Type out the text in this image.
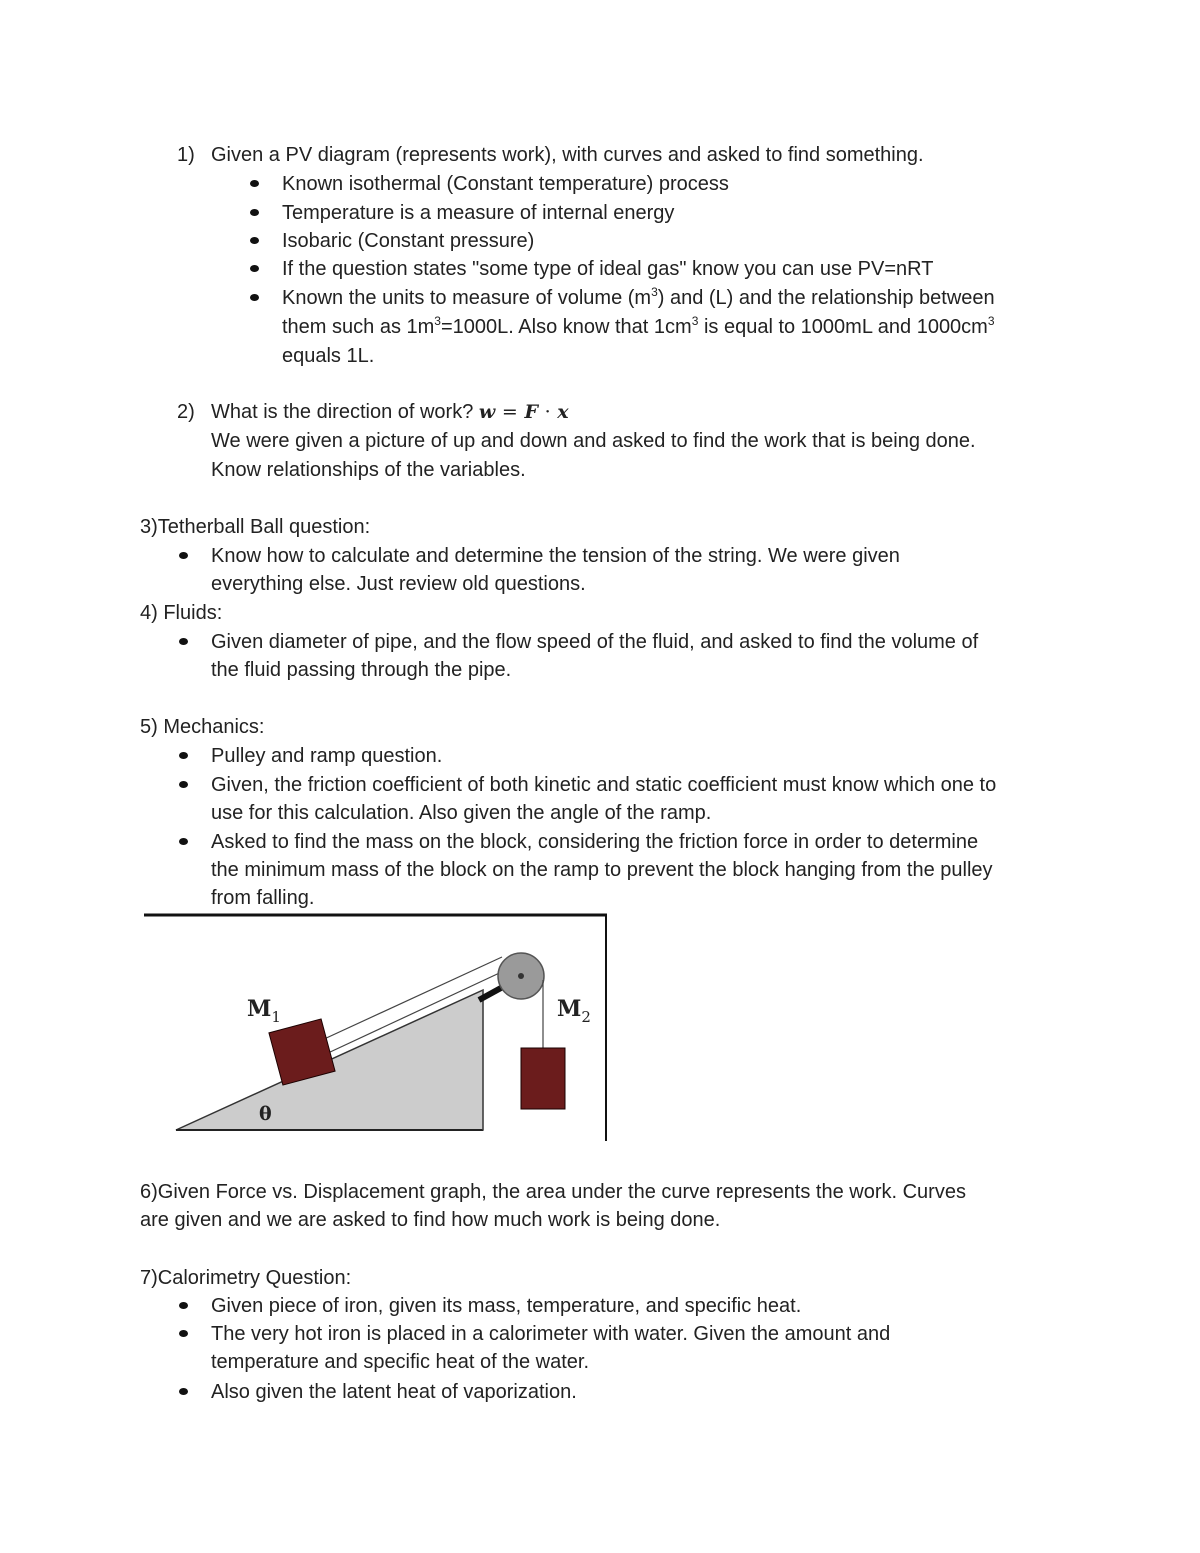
1) Given a PV diagram (represents work), with curves and asked to find something.
Known isothermal (Constant temperature) process
Temperature is a measure of internal energy
Isobaric (Constant pressure)
If the question states "some type of ideal gas" know you can use PV=nRT
Known the units to measure of volume $(m^3)$ and (L) and the relationship between
them such as $1m^3=1000L$. Also know that $1cm^3$ is equal to 1000mL and $1000cm^3$
equals 1L.
2) What is the direction of work? w = F · x
We were given a picture of up and down and asked to find the work that is being done.
Know relationships of the variables.
3)Tetherball Ball question:
Know how to calculate and determine the tension of the string. We were given
everything else. Just review old questions.
4) Fluids:
Given diameter of pipe, and the flow speed of the fluid, and asked to find the volume of
the fluid passing through the pipe.
5) Mechanics:
Pulley and ramp question.
Given, the friction coefficient of both kinetic and static coefficient must know which one to
use for this calculation. Also given the angle of the ramp.
Asked to find the mass on the block, considering the friction force in order to determine
the minimum mass of the block on the ramp to prevent the block hanging from the pulley
from falling.
$M_1$	$M_2$
θ
6)Given Force vs. Displacement graph, the area under the curve represents the work. Curves
are given and we are asked to find how much work is being done.
7)Calorimetry Question:
Given piece of iron, given its mass, temperature, and specific heat.
The very hot iron is placed in a calorimeter with water. Given the amount and
temperature and specific heat of the water.
Also given the latent heat of vaporization.
